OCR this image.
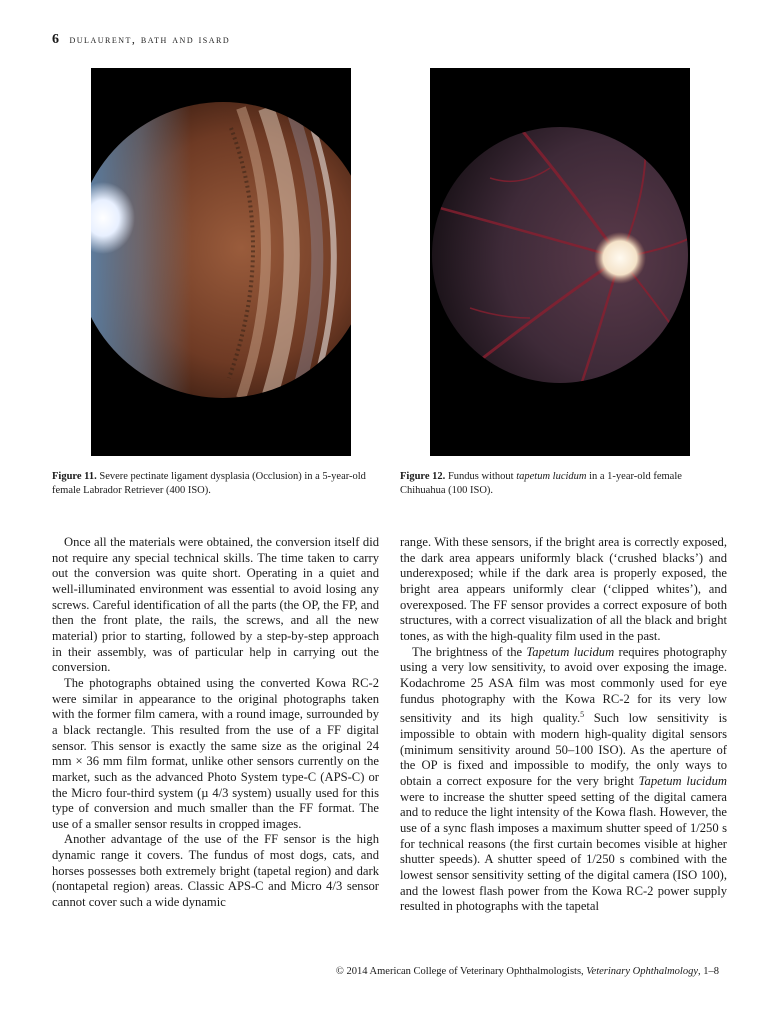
6 dulaurent, bath and isard
Figure 11. Severe pectinate ligament dysplasia (Occlusion) in a 5-year-old female Labrador Retriever (400 ISO).
Figure 12. Fundus without tapetum lucidum in a 1-year-old female Chihuahua (100 ISO).

Once all the materials were obtained, the conversion itself did not require any special technical skills. The time taken to carry out the conversion was quite short. Operating in a quiet and well-illuminated environment was essential to avoid losing any screws. Careful identification of all the parts (the OP, the FP, and then the front plate, the rails, the screws, and all the new material) prior to starting, followed by a step-by-step approach in their assembly, was of particular help in carrying out the conversion.

The photographs obtained using the converted Kowa RC-2 were similar in appearance to the original photographs taken with the former film camera, with a round image, surrounded by a black rectangle. This resulted from the use of a FF digital sensor. This sensor is exactly the same size as the original 24 mm × 36 mm film format, unlike other sensors currently on the market, such as the advanced Photo System type-C (APS-C) or the Micro four-third system (µ 4/3 system) usually used for this type of conversion and much smaller than the FF format. The use of a smaller sensor results in cropped images.

Another advantage of the use of the FF sensor is the high dynamic range it covers. The fundus of most dogs, cats, and horses possesses both extremely bright (tapetal region) and dark (nontapetal region) areas. Classic APS-C and Micro 4/3 sensor cannot cover such a wide dynamic

range. With these sensors, if the bright area is correctly exposed, the dark area appears uniformly black (‘crushed blacks’) and underexposed; while if the dark area is properly exposed, the bright area appears uniformly clear (‘clipped whites’), and overexposed. The FF sensor provides a correct exposure of both structures, with a correct visualization of all the black and bright tones, as with the high-quality film used in the past.

The brightness of the Tapetum lucidum requires photography using a very low sensitivity, to avoid over exposing the image. Kodachrome 25 ASA film was most commonly used for eye fundus photography with the Kowa RC-2 for its very low sensitivity and its high quality.$^5$ Such low sensitivity is impossible to obtain with modern high-quality digital sensors (minimum sensitivity around 50–100 ISO). As the aperture of the OP is fixed and impossible to modify, the only ways to obtain a correct exposure for the very bright Tapetum lucidum were to increase the shutter speed setting of the digital camera and to reduce the light intensity of the Kowa flash. However, the use of a sync flash imposes a maximum shutter speed of 1/250 s for technical reasons (the first curtain becomes visible at higher shutter speeds). A shutter speed of 1/250 s combined with the lowest sensor sensitivity setting of the digital camera (ISO 100), and the lowest flash power from the Kowa RC-2 power supply resulted in photographs with the tapetal

© 2014 American College of Veterinary Ophthalmologists, Veterinary Ophthalmology, 1–8
